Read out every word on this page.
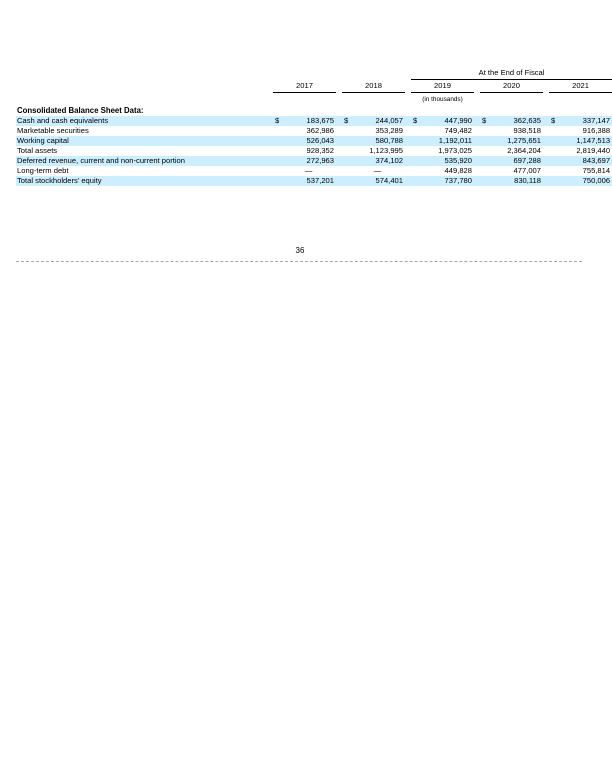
							At the End of Fiscal							
	2017			2018			2019			2020			2021	
							(in thousands)							
Consolidated Balance Sheet Data:														
Cash and cash equivalents	$	183,675		$	244,057		$	447,990		$	362,635		$	337,147
Marketable securities		362,986			353,289			749,482			938,518			916,388
Working capital		526,043			580,788			1,192,011			1,275,651			1,147,513
Total assets		928,352			1,123,995			1,973,025			2,364,204			2,819,440
Deferred revenue, current and non-current portion		272,963			374,102			535,920			697,288			843,697
Long-term debt		—			—			449,828			477,007			755,814
Total stockholders' equity		537,201			574,401			737,780			830,118			750,006
36
